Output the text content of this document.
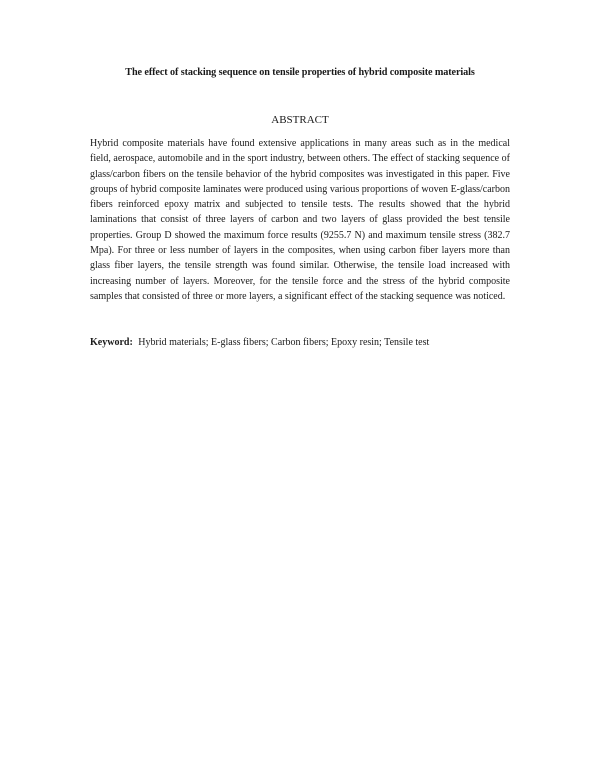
The effect of stacking sequence on tensile properties of hybrid composite materials
ABSTRACT

Hybrid composite materials have found extensive applications in many areas such as in the medical field, aerospace, automobile and in the sport industry, between others. The effect of stacking sequence of glass/carbon fibers on the tensile behavior of the hybrid composites was investigated in this paper. Five groups of hybrid composite laminates were produced using various proportions of woven E-glass/carbon fibers reinforced epoxy matrix and subjected to tensile tests. The results showed that the hybrid laminations that consist of three layers of carbon and two layers of glass provided the best tensile properties. Group D showed the maximum force results (9255.7 N) and maximum tensile stress (382.7 Mpa). For three or less number of layers in the composites, when using carbon fiber layers more than glass fiber layers, the tensile strength was found similar. Otherwise, the tensile load increased with increasing number of layers. Moreover, for the tensile force and the stress of the hybrid composite samples that consisted of three or more layers, a significant effect of the stacking sequence was noticed.

Keyword: Hybrid materials; E-glass fibers; Carbon fibers; Epoxy resin; Tensile test
